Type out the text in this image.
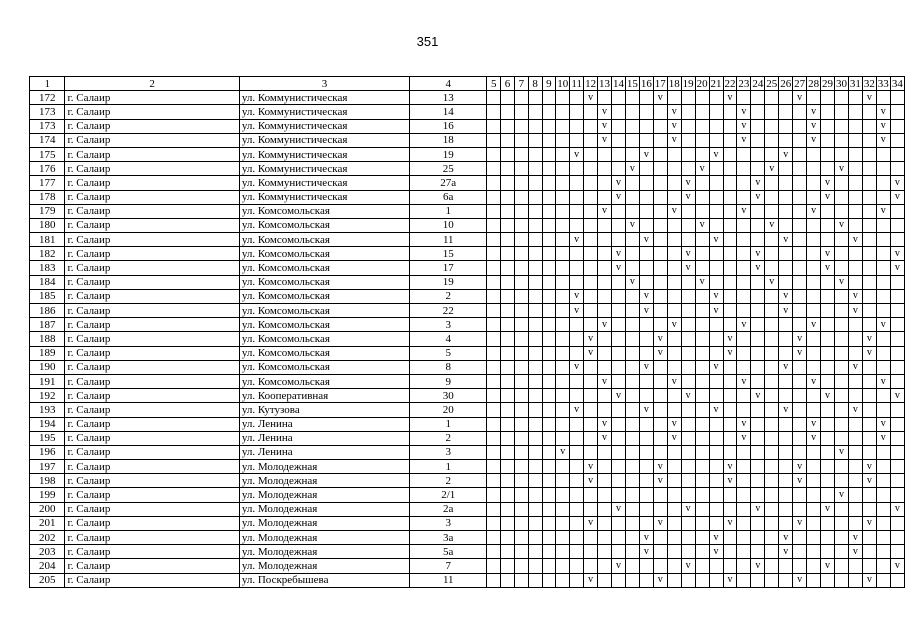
351
1	2	3	4	5	6	7	8	9	10	11	12	13	14	15	16	17	18	19	20	21	22	23	24	25	26	27	28	29	30	31	32	33	34
172	г. Салаир	ул. Коммунистическая	13								v					v					v					v					v		
173	г. Салаир	ул. Коммунистическая	14									v					v					v					v					v	
173	г. Салаир	ул. Коммунистическая	16									v					v					v					v					v	
174	г. Салаир	ул. Коммунистическая	18									v					v					v					v					v	
175	г. Салаир	ул. Коммунистическая	19							v					v					v					v								
176	г. Салаир	ул. Коммунистическая	25											v					v					v					v				
177	г. Салаир	ул. Коммунистическая	27а										v					v					v					v					v
178	г. Салаир	ул. Коммунистическая	6а										v					v					v					v					v
179	г. Салаир	ул. Комсомольская	1									v					v					v					v					v	
180	г. Салаир	ул. Комсомольская	10											v					v					v					v				
181	г. Салаир	ул. Комсомольская	11							v					v					v					v					v			
182	г. Салаир	ул. Комсомольская	15										v					v					v					v					v
183	г. Салаир	ул. Комсомольская	17										v					v					v					v					v
184	г. Салаир	ул. Комсомольская	19											v					v					v					v				
185	г. Салаир	ул. Комсомольская	2							v					v					v					v					v			
186	г. Салаир	ул. Комсомольская	22							v					v					v					v					v			
187	г. Салаир	ул. Комсомольская	3									v					v					v					v					v	
188	г. Салаир	ул. Комсомольская	4								v					v					v					v					v		
189	г. Салаир	ул. Комсомольская	5								v					v					v					v					v		
190	г. Салаир	ул. Комсомольская	8							v					v					v					v					v			
191	г. Салаир	ул. Комсомольская	9									v					v					v					v					v	
192	г. Салаир	ул. Кооперативная	30										v					v					v					v					v
193	г. Салаир	ул. Кутузова	20							v					v					v					v					v			
194	г. Салаир	ул. Ленина	1									v					v					v					v					v	
195	г. Салаир	ул. Ленина	2									v					v					v					v					v	
196	г. Салаир	ул. Ленина	3						v																				v				
197	г. Салаир	ул. Молодежная	1								v					v					v					v					v		
198	г. Салаир	ул. Молодежная	2								v					v					v					v					v		
199	г. Салаир	ул. Молодежная	2/1																										v				
200	г. Салаир	ул. Молодежная	2а										v					v					v					v					v
201	г. Салаир	ул. Молодежная	3								v					v					v					v					v		
202	г. Салаир	ул. Молодежная	3а												v					v					v					v			
203	г. Салаир	ул. Молодежная	5а												v					v					v					v			
204	г. Салаир	ул. Молодежная	7										v					v					v					v					v
205	г. Салаир	ул. Поскребышева	11								v					v					v					v					v		
